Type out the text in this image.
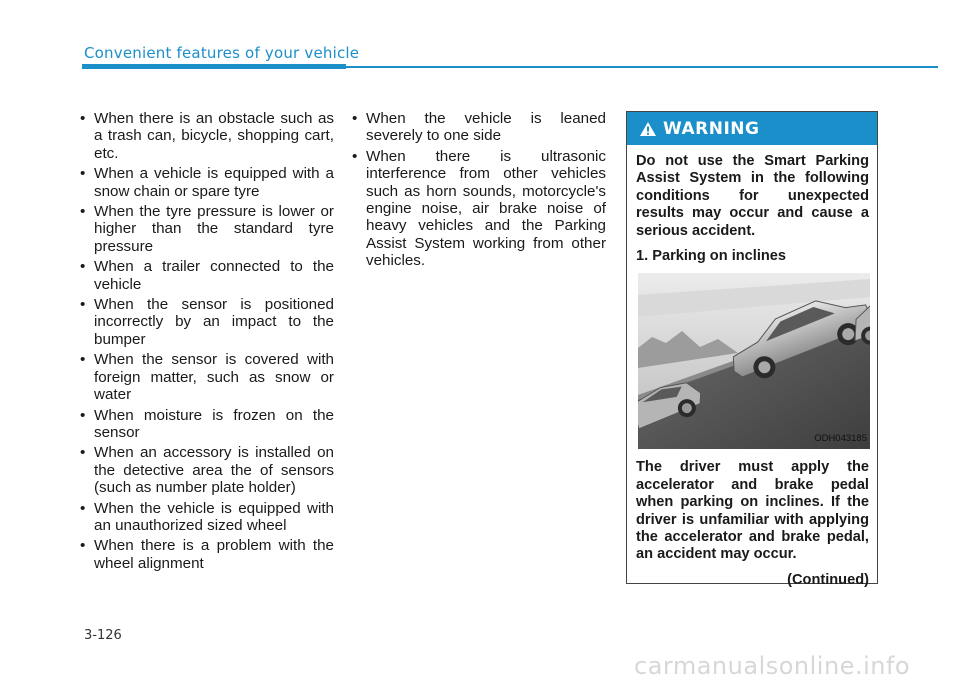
Convenient features of your vehicle
• When there is an obstacle such as a trash can, bicycle, shopping cart, etc.
• When a vehicle is equipped with a snow chain or spare tyre
• When the tyre pressure is lower or higher than the standard tyre pressure
• When a trailer connected to the vehicle
• When the sensor is positioned incorrectly by an impact to the bumper
• When the sensor is covered with foreign matter, such as snow or water
• When moisture is frozen on the sensor
• When an accessory is installed on the detective area the of sensors (such as number plate holder)
• When the vehicle is equipped with an unauthorized sized wheel
• When there is a problem with the wheel alignment
• When the vehicle is leaned severely to one side
• When there is ultrasonic interference from other vehicles such as horn sounds, motorcycle's engine noise, air brake noise of heavy vehicles and the Parking Assist System working from other vehicles.
WARNING

Do not use the Smart Parking Assist System in the following conditions for unexpected results may occur and cause a serious accident.

1. Parking on inclines

ODH043185

The driver must apply the accelerator and brake pedal when parking on inclines. If the driver is unfamiliar with applying the accelerator and brake pedal, an accident may occur.

(Continued)
3-126
carmanualsonline.info
